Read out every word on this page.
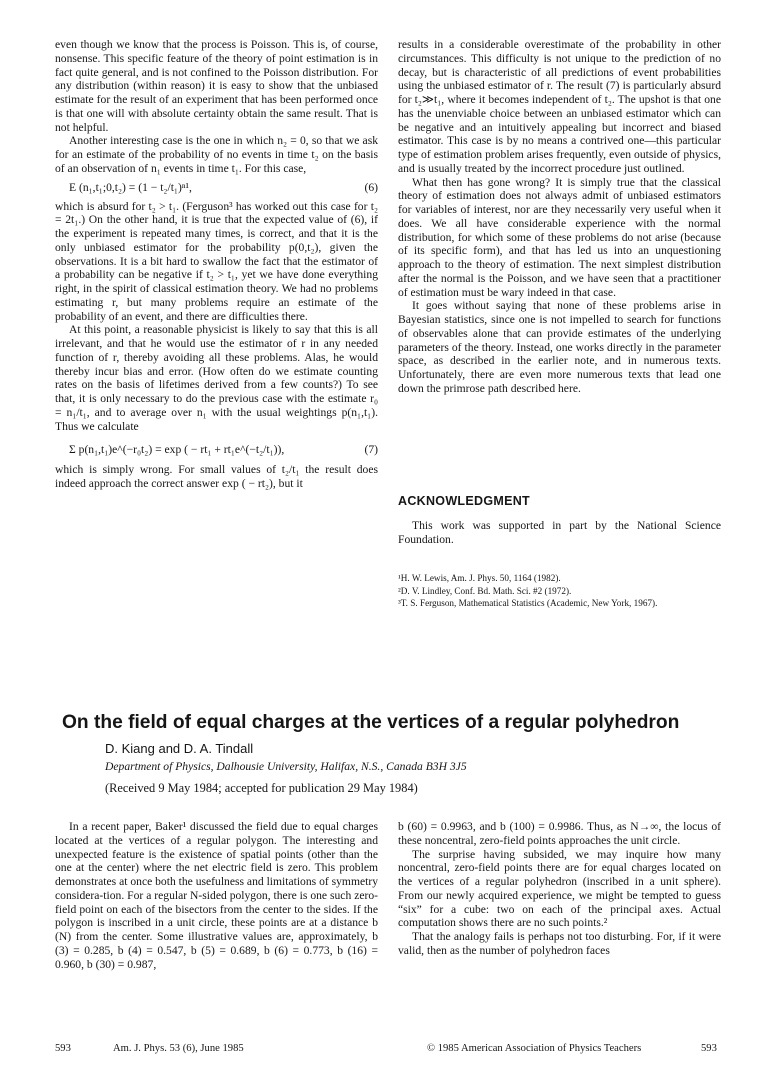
even though we know that the process is Poisson. This is, of course, nonsense. This specific feature of the theory of point estimation is in fact quite general, and is not confined to the Poisson distribution. For any distribution (within reason) it is easy to show that the unbiased estimate for the result of an experiment that has been performed once is that one will with absolute certainty obtain the same result. That is not helpful.

Another interesting case is the one in which n₂ = 0, so that we ask for an estimate of the probability of no events in time t₂ on the basis of an observation of n₁ events in time t₁. For this case,

E (n₁,t₁;0,t₂) = (1 − t₂/t₁)ⁿ¹,	(6)

which is absurd for t₂ > t₁. (Ferguson³ has worked out this case for t₂ = 2t₁.) On the other hand, it is true that the expected value of (6), if the experiment is repeated many times, is correct, and that it is the only unbiased estimator for the probability p(0,t₂), given the observations. It is a bit hard to swallow the fact that the estimator of a probability can be negative if t₂ > t₁, yet we have done everything right, in the spirit of classical estimation theory. We had no problems estimating r, but many problems require an estimate of the probability of an event, and there are difficulties there.

At this point, a reasonable physicist is likely to say that this is all irrelevant, and that he would use the estimator of r in any needed function of r, thereby avoiding all these problems. Alas, he would thereby incur bias and error. (How often do we estimate counting rates on the basis of lifetimes derived from a few counts?) To see that, it is only necessary to do the previous case with the estimate r₀ = n₁/t₁, and to average over n₁ with the usual weightings p(n₁,t₁). Thus we calculate

Σ p(n₁,t₁)e^(−r₀t₂) = exp ( − rt₁ + rt₁e^(−t₂/t₁)),	(7)

which is simply wrong. For small values of t₂/t₁ the result does indeed approach the correct answer exp ( − rt₂), but it

results in a considerable overestimate of the probability in other circumstances. This difficulty is not unique to the prediction of no decay, but is characteristic of all predictions of event probabilities using the unbiased estimator of r. The result (7) is particularly absurd for t₂≫t₁, where it becomes independent of t₂. The upshot is that one has the unenviable choice between an unbiased estimator which can be negative and an intuitively appealing but incorrect and biased estimator. This case is by no means a contrived one—this particular type of estimation problem arises frequently, even outside of physics, and is usually treated by the incorrect procedure just outlined.

What then has gone wrong? It is simply true that the classical theory of estimation does not always admit of unbiased estimators for variables of interest, nor are they necessarily very useful when it does. We all have considerable experience with the normal distribution, for which some of these problems do not arise (because of its specific form), and that has led us into an unquestioning approach to the theory of estimation. The next simplest distribution after the normal is the Poisson, and we have seen that a practitioner of estimation must be wary indeed in that case.

It goes without saying that none of these problems arise in Bayesian statistics, since one is not impelled to search for functions of observables alone that can provide estimates of the underlying parameters of the theory. Instead, one works directly in the parameter space, as described in the earlier note, and in numerous texts. Unfortunately, there are even more numerous texts that lead one down the primrose path described here.

ACKNOWLEDGMENT

This work was supported in part by the National Science Foundation.

¹H. W. Lewis, Am. J. Phys. 50, 1164 (1982).
²D. V. Lindley, Conf. Bd. Math. Sci. #2 (1972).
³T. S. Ferguson, Mathematical Statistics (Academic, New York, 1967).
On the field of equal charges at the vertices of a regular polyhedron
D. Kiang and D. A. Tindall
Department of Physics, Dalhousie University, Halifax, N.S., Canada B3H 3J5
(Received 9 May 1984; accepted for publication 29 May 1984)

In a recent paper, Baker¹ discussed the field due to equal charges located at the vertices of a regular polygon. The interesting and unexpected feature is the existence of spatial points (other than the one at the center) where the net electric field is zero. This problem demonstrates at once both the usefulness and limitations of symmetry considera-tion. For a regular N-sided polygon, there is one such zero-field point on each of the bisectors from the center to the sides. If the polygon is inscribed in a unit circle, these points are at a distance b (N) from the center. Some illustrative values are, approximately, b (3) = 0.285, b (4) = 0.547, b (5) = 0.689, b (6) = 0.773, b (16) = 0.960, b (30) = 0.987,

b (60) = 0.9963, and b (100) = 0.9986. Thus, as N→∞, the locus of these noncentral, zero-field points approaches the unit circle.

The surprise having subsided, we may inquire how many noncentral, zero-field points there are for equal charges located on the vertices of a regular polyhedron (inscribed in a unit sphere). From our newly acquired experience, we might be tempted to guess “six” for a cube: two on each of the principal axes. Actual computation shows there are no such points.²

That the analogy fails is perhaps not too disturbing. For, if it were valid, then as the number of polyhedron faces

593	Am. J. Phys. 53 (6), June 1985	© 1985 American Association of Physics Teachers	593
